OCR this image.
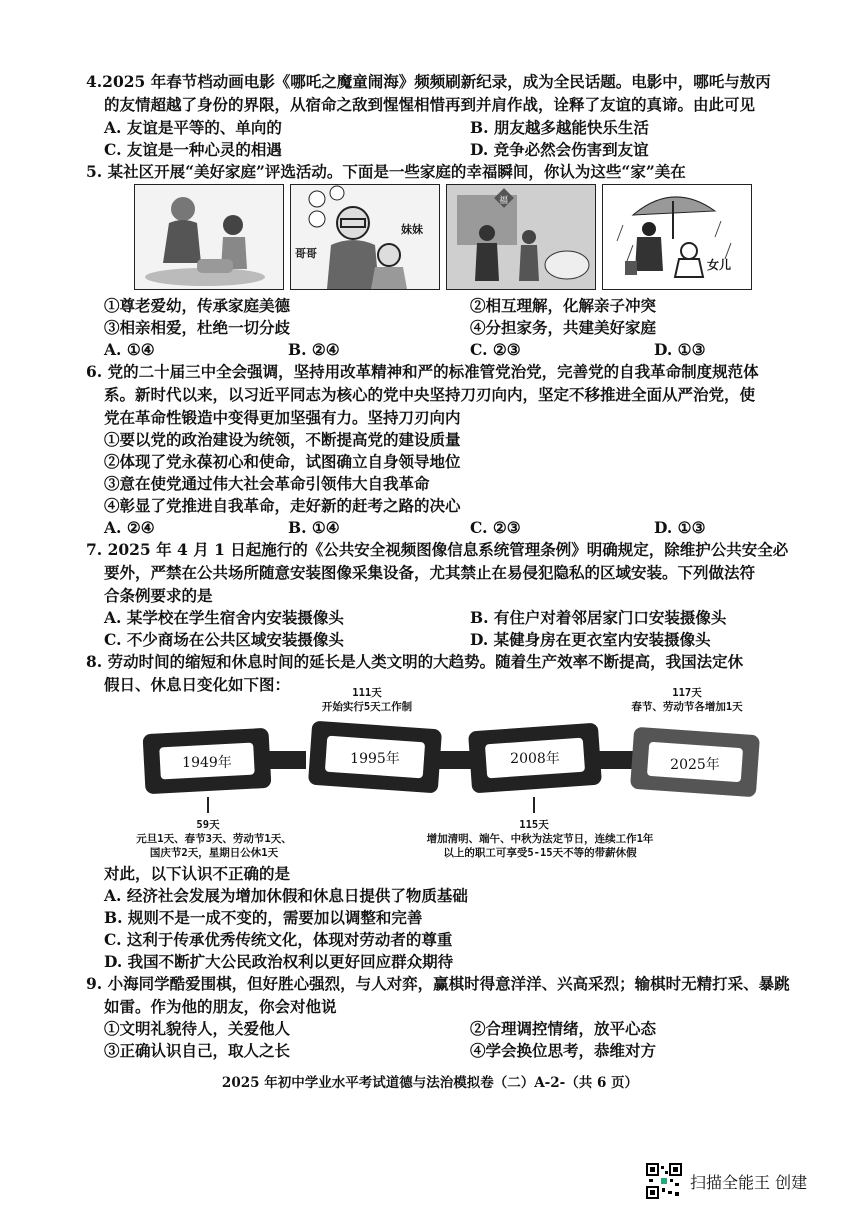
4.2025 年春节档动画电影《哪吒之魔童闹海》频频刷新纪录，成为全民话题。电影中，哪吒与敖丙
的友情超越了身份的界限，从宿命之敌到惺惺相惜再到并肩作战，诠释了友谊的真谛。由此可见
A. 友谊是平等的、单向的	B. 朋友越多越能快乐生活
C. 友谊是一种心灵的相遇	D. 竞争必然会伤害到友谊
5. 某社区开展“美好家庭”评选活动。下面是一些家庭的幸福瞬间，你认为这些“家”美在
哥哥
妹妹
福
女儿
①尊老爱幼，传承家庭美德	②相互理解，化解亲子冲突
③相亲相爱，杜绝一切分歧	④分担家务，共建美好家庭
A. ①④	B. ②④	C. ②③	D. ①③
6. 党的二十届三中全会强调，坚持用改革精神和严的标准管党治党，完善党的自我革命制度规范体
系。新时代以来，以习近平同志为核心的党中央坚持刀刃向内，坚定不移推进全面从严治党，使
党在革命性锻造中变得更加坚强有力。坚持刀刃向内
①要以党的政治建设为统领，不断提高党的建设质量
②体现了党永葆初心和使命，试图确立自身领导地位
③意在使党通过伟大社会革命引领伟大自我革命
④彰显了党推进自我革命，走好新的赶考之路的决心
A. ②④	B. ①④	C. ②③	D. ①③
7. 2025 年 4 月 1 日起施行的《公共安全视频图像信息系统管理条例》明确规定，除维护公共安全必
要外，严禁在公共场所随意安装图像采集设备，尤其禁止在易侵犯隐私的区域安装。下列做法符
合条例要求的是
A. 某学校在学生宿舍内安装摄像头	B. 有住户对着邻居家门口安装摄像头
C. 不少商场在公共区域安装摄像头	D. 某健身房在更衣室内安装摄像头
8. 劳动时间的缩短和休息时间的延长是人类文明的大趋势。随着生产效率不断提高，我国法定休
假日、休息日变化如下图：	111天
开始实行5天工作制
117天
春节、劳动节各增加1天
1949年	1995年	2008年	2025年
59天
元旦1天、春节3天、劳动节1天、
国庆节2天，星期日公休1天
115天
增加清明、端午、中秋为法定节日，连续工作1年
以上的职工可享受5-15天不等的带薪休假
对此，以下认识不正确的是
A. 经济社会发展为增加休假和休息日提供了物质基础
B. 规则不是一成不变的，需要加以调整和完善
C. 这利于传承优秀传统文化，体现对劳动者的尊重
D. 我国不断扩大公民政治权利以更好回应群众期待
9. 小海同学酷爱围棋，但好胜心强烈，与人对弈，赢棋时得意洋洋、兴高采烈；输棋时无精打采、暴跳
如雷。作为他的朋友，你会对他说
①文明礼貌待人，关爱他人	②合理调控情绪，放平心态
③正确认识自己，取人之长	④学会换位思考，恭维对方
2025 年初中学业水平考试道德与法治模拟卷（二）A-2-（共 6 页）
扫描全能王 创建
